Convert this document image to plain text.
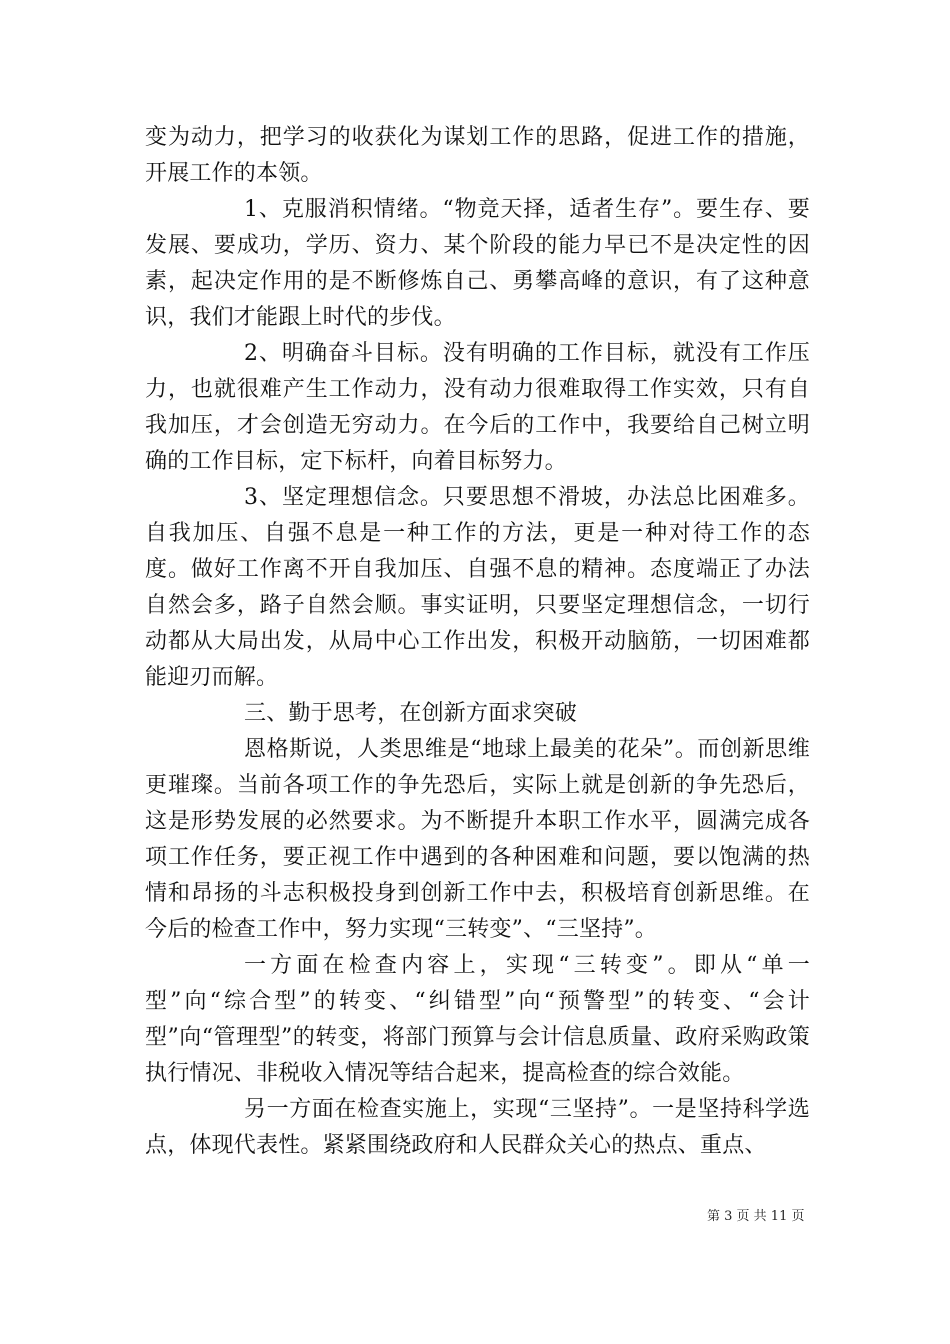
变为动力，把学习的收获化为谋划工作的思路，促进工作的措施，开展工作的本领。

1、克服消积情绪。“物竞天择，适者生存”。要生存、要发展、要成功，学历、资力、某个阶段的能力早已不是决定性的因素，起决定作用的是不断修炼自己、勇攀高峰的意识，有了这种意识，我们才能跟上时代的步伐。

2、明确奋斗目标。没有明确的工作目标，就没有工作压力，也就很难产生工作动力，没有动力很难取得工作实效，只有自我加压，才会创造无穷动力。在今后的工作中，我要给自己树立明确的工作目标，定下标杆，向着目标努力。

3、坚定理想信念。只要思想不滑坡，办法总比困难多。自我加压、自强不息是一种工作的方法，更是一种对待工作的态度。做好工作离不开自我加压、自强不息的精神。态度端正了办法自然会多，路子自然会顺。事实证明，只要坚定理想信念，一切行动都从大局出发，从局中心工作出发，积极开动脑筋，一切困难都能迎刃而解。

三、勤于思考，在创新方面求突破

恩格斯说，人类思维是“地球上最美的花朵”。而创新思维更璀璨。当前各项工作的争先恐后，实际上就是创新的争先恐后，这是形势发展的必然要求。为不断提升本职工作水平，圆满完成各项工作任务，要正视工作中遇到的各种困难和问题，要以饱满的热情和昂扬的斗志积极投身到创新工作中去，积极培育创新思维。在今后的检查工作中，努力实现“三转变”、“三坚持”。

一方面在检查内容上，实现“三转变”。即从“单一型”向“综合型”的转变、“纠错型”向“预警型”的转变、“会计型”向“管理型”的转变，将部门预算与会计信息质量、政府采购政策执行情况、非税收入情况等结合起来，提高检查的综合效能。

另一方面在检查实施上，实现“三坚持”。一是坚持科学选点，体现代表性。紧紧围绕政府和人民群众关心的热点、重点、

第 3 页 共 11 页
